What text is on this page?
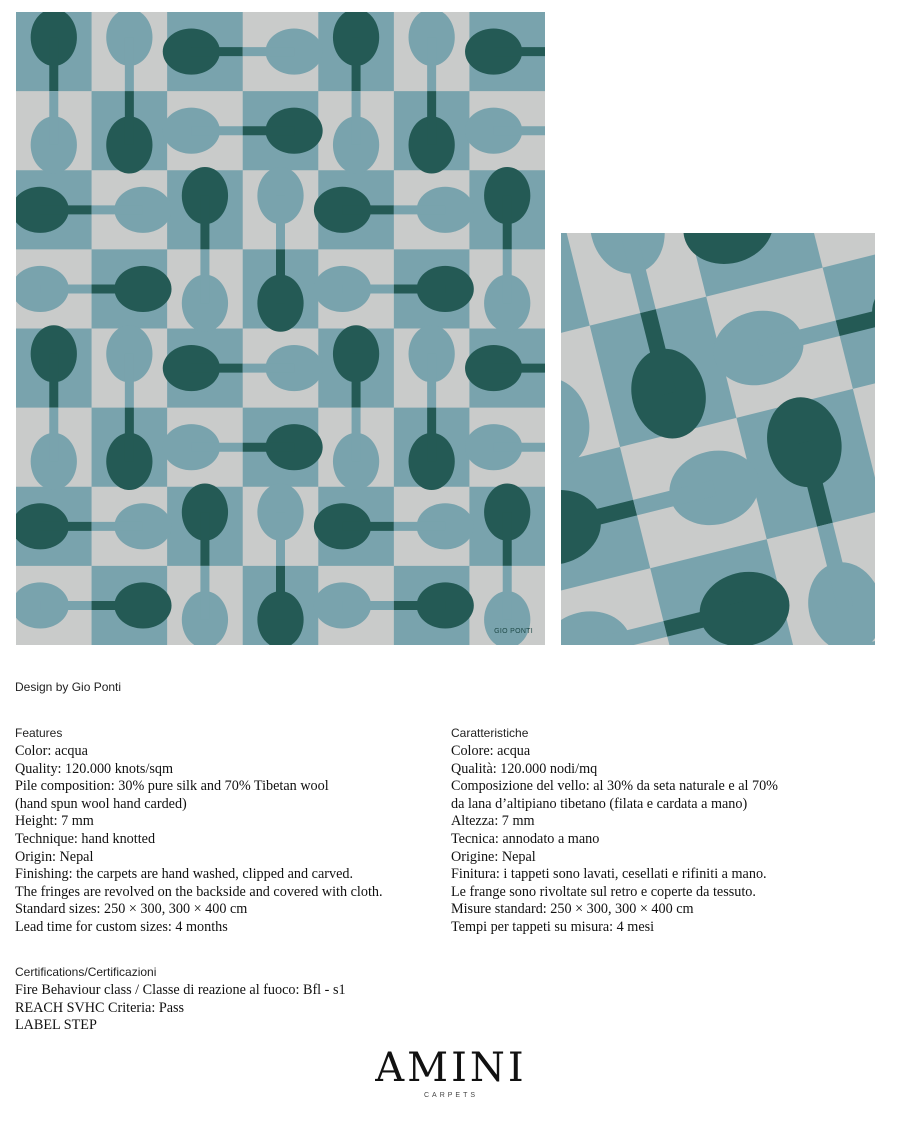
GIO PONTI
Design by Gio Ponti
Features
Color: acqua
Quality: 120.000 knots/sqm
Pile composition: 30% pure silk and 70% Tibetan wool
(hand spun wool hand carded)
Height: 7 mm
Technique: hand knotted
Origin: Nepal
Finishing: the carpets are hand washed, clipped and carved.
The fringes are revolved on the backside and covered with cloth.
Standard sizes: 250 × 300, 300 × 400 cm
Lead time for custom sizes: 4 months
Caratteristiche
Colore: acqua
Qualità: 120.000 nodi/mq
Composizione del vello: al 30% da seta naturale e al 70%
da lana d’altipiano tibetano (filata e cardata a mano)
Altezza: 7 mm
Tecnica: annodato a mano
Origine: Nepal
Finitura: i tappeti sono lavati, cesellati e rifiniti a mano.
Le frange sono rivoltate sul retro e coperte da tessuto.
Misure standard: 250 × 300, 300 × 400 cm
Tempi per tappeti su misura: 4 mesi
Certifications/Certificazioni
Fire Behaviour class / Classe di reazione al fuoco: Bfl - s1
REACH SVHC Criteria: Pass
LABEL STEP
AMINI
CARPETS
